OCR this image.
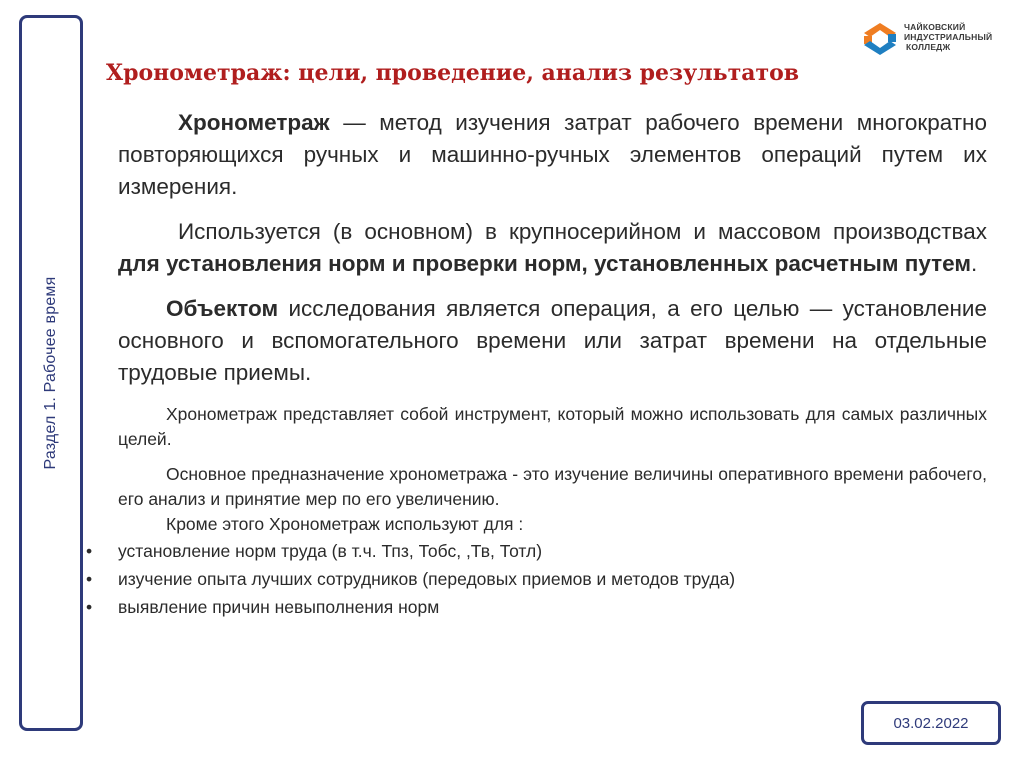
Раздел 1. Рабочее время
ЧАЙКОВСКИЙ
ИНДУСТРИАЛЬНЫЙ
КОЛЛЕДЖ
Хронометраж: цели, проведение, анализ результатов

Хронометраж — метод изучения затрат рабочего времени многократно повторяющихся ручных и машинно-ручных элементов операций путем их измерения.

Используется (в основном) в крупносерийном и массовом производствах для установления норм и проверки норм, установленных расчетным путем.

Объектом исследования является операция, а его целью — установление основного и вспомогательного времени или затрат времени на отдельные трудовые приемы.

Хронометраж представляет собой инструмент, который можно использовать для самых различных целей.

Основное предназначение хронометража - это изучение величины оперативного времени рабочего, его анализ и принятие мер по его увеличению.

Кроме этого Хронометраж используют для :

•	установление норм труда (в т.ч. Тпз, Тобс, ,Тв, Тотл)
•	изучение опыта лучших сотрудников (передовых приемов и методов труда)
•	выявление причин невыполнения норм
03.02.2022
